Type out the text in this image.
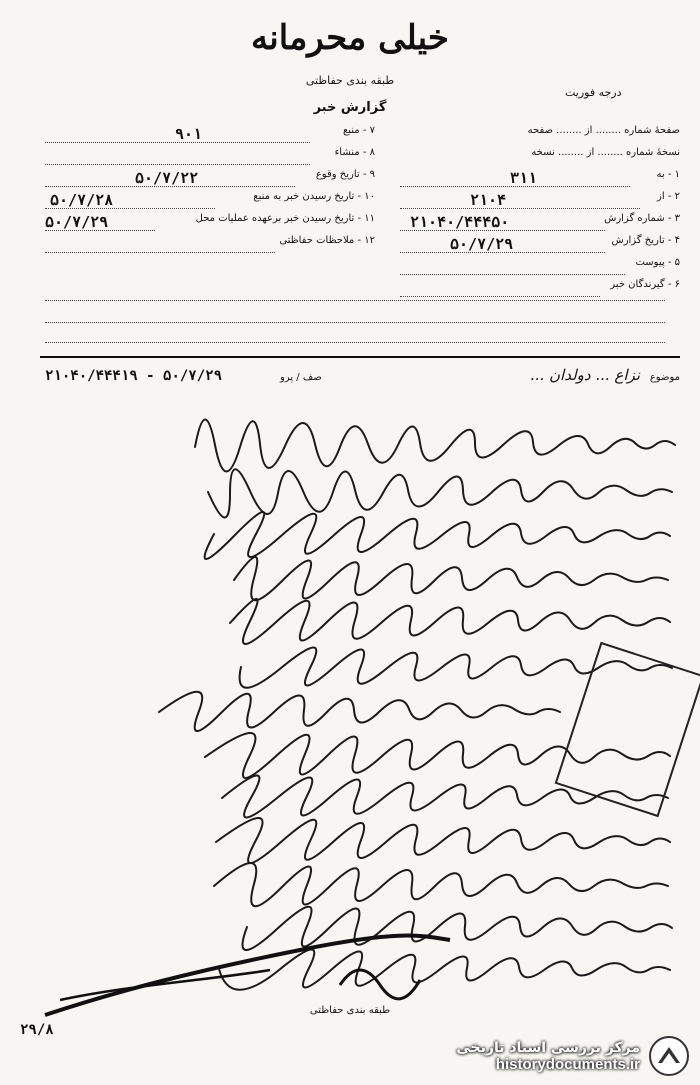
خیلی محرمانه
درجه فوریت
طبقه بندی حفاظتی
گزارش خبر
صفحهٔ شماره ........ از ........ صفحه
نسخهٔ شماره ........ از ........ نسخه
۱ - به
۳۱۱
۲ - از
۲۱۰۴
۳ - شماره گزارش
۲۱۰۴۰/۴۴۴۵۰
۴ - تاریخ گزارش
۵۰/۷/۲۹
۵ - پیوست
۶ - گیرندگان خبر
۷ - منبع
۹۰۱
۸ - منشاء
۹ - تاریخ وقوع
۵۰/۷/۲۲
۱۰ - تاریخ رسیدن خبر به منبع
۵۰/۷/۲۸
۱۱ - تاریخ رسیدن خبر برعهده عملیات محل
۵۰/۷/۲۹
۱۲ - ملاحظات حفاظتی
موضوع
نزاع ... دولدان ...
صف / پرو
۵۰/۷/۲۹ - ۲۱۰۴۰/۴۴۴۱۹
طبقه بندی حفاظتی
۲۹/۸
مرکز بررسی اسناد تاریخی
historydocuments.ir
